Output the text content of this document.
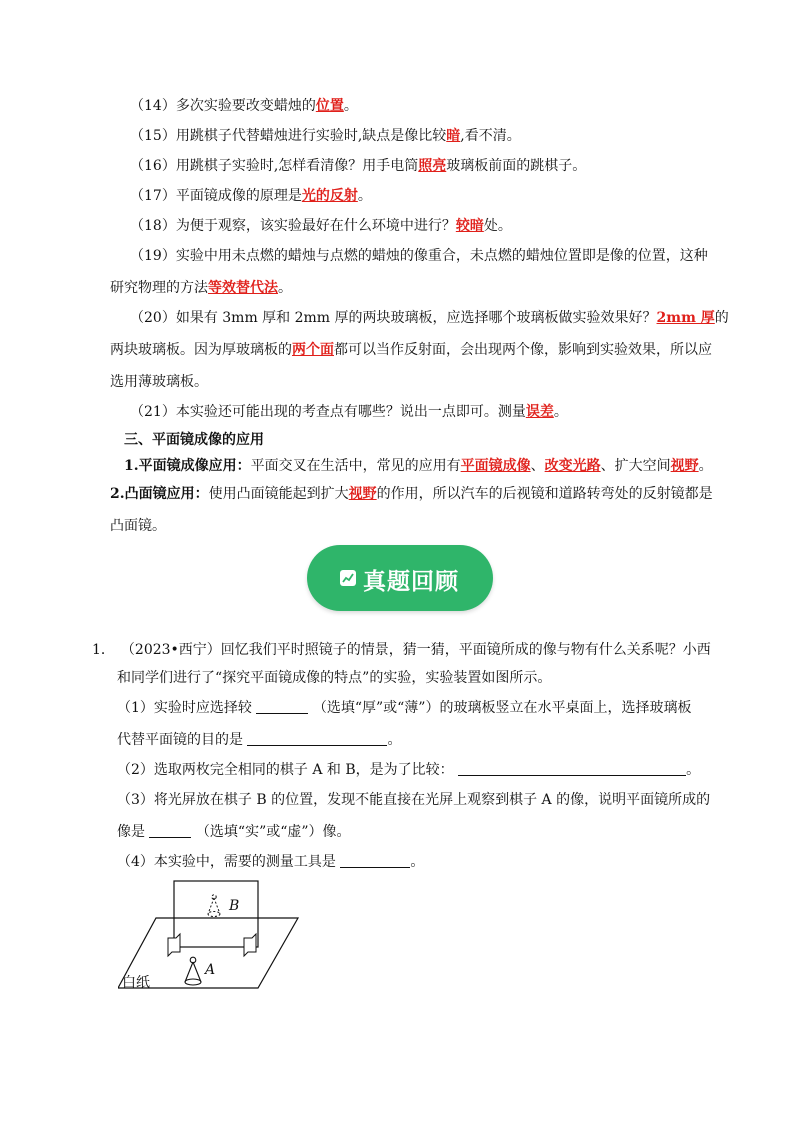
（14）多次实验要改变蜡烛的位置。
（15）用跳棋子代替蜡烛进行实验时,缺点是像比较暗,看不清。
（16）用跳棋子实验时,怎样看清像？用手电筒照亮玻璃板前面的跳棋子。
（17）平面镜成像的原理是光的反射。
（18）为便于观察，该实验最好在什么环境中进行？较暗处。
（19）实验中用未点燃的蜡烛与点燃的蜡烛的像重合，未点燃的蜡烛位置即是像的位置，这种
研究物理的方法等效替代法。
（20）如果有 3mm 厚和 2mm 厚的两块玻璃板，应选择哪个玻璃板做实验效果好？2mm 厚的
两块玻璃板。因为厚玻璃板的两个面都可以当作反射面，会出现两个像，影响到实验效果，所以应
选用薄玻璃板。
（21）本实验还可能出现的考查点有哪些？说出一点即可。测量误差。
三、平面镜成像的应用
1.平面镜成像应用：平面交叉在生活中，常见的应用有平面镜成像、改变光路、扩大空间视野。
2.凸面镜应用：使用凸面镜能起到扩大视野的作用，所以汽车的后视镜和道路转弯处的反射镜都是
凸面镜。
真题回顾
1． （2023•西宁）回忆我们平时照镜子的情景，猜一猜，平面镜所成的像与物有什么关系呢？小西
和同学们进行了“探究平面镜成像的特点”的实验，实验装置如图所示。
（1）实验时应选择较	（选填“厚”或“薄”）的玻璃板竖立在水平桌面上，选择玻璃板
代替平面镜的目的是	。
（2）选取两枚完全相同的棋子 A 和 B，是为了比较：	。
（3）将光屏放在棋子 B 的位置，发现不能直接在光屏上观察到棋子 A 的像，说明平面镜所成的
像是	（选填“实”或“虚”）像。
（4）本实验中，需要的测量工具是	。
B
A
白纸
